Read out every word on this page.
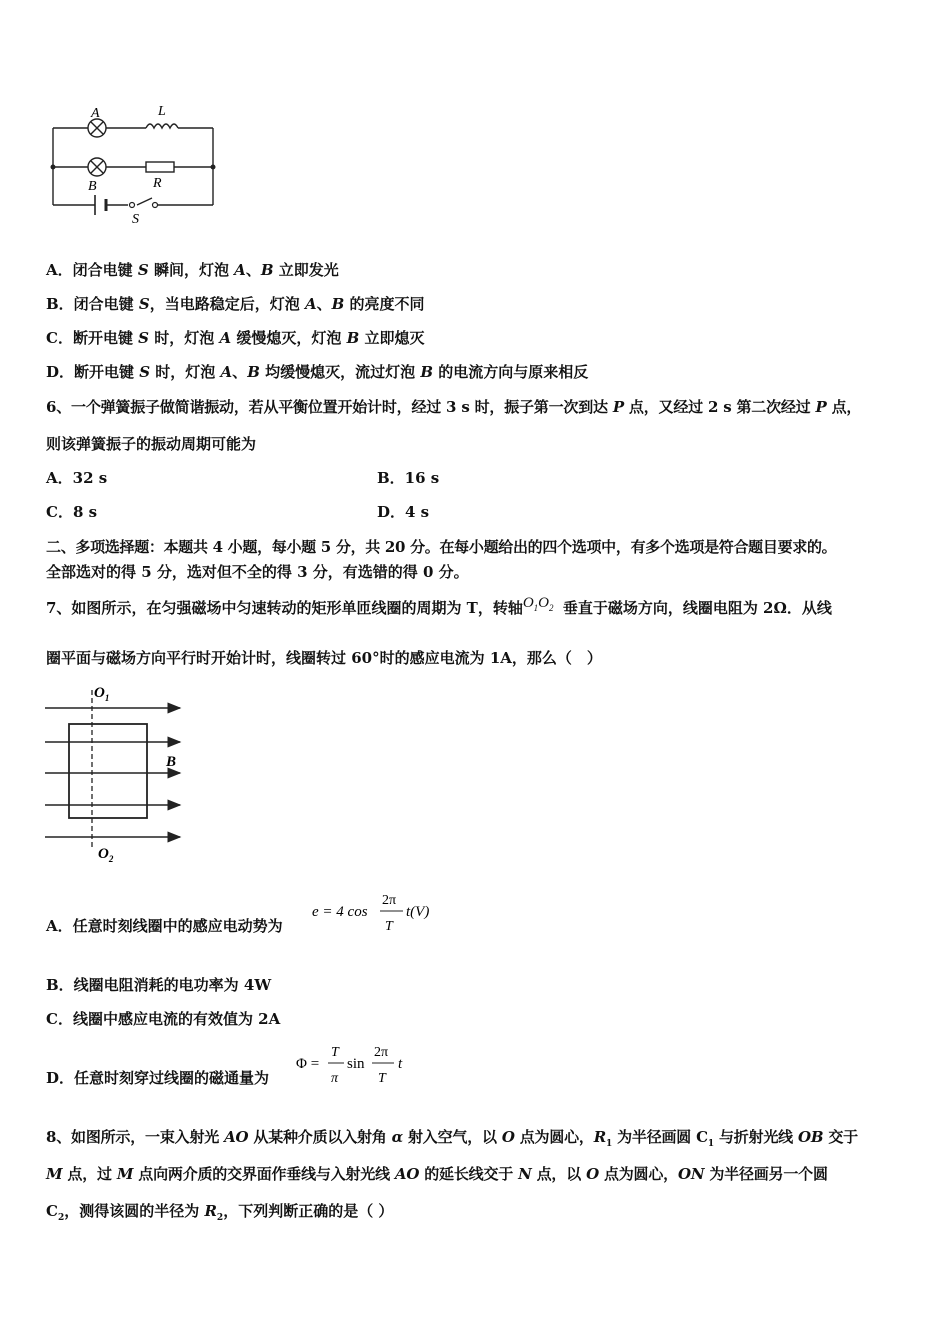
A	L
B	R
S
A．闭合电键 S 瞬间，灯泡 A、B 立即发光
B．闭合电键 S，当电路稳定后，灯泡 A、B 的亮度不同
C．断开电键 S 时，灯泡 A 缓慢熄灭，灯泡 B 立即熄灭
D．断开电键 S 时，灯泡 A、B 均缓慢熄灭，流过灯泡 B 的电流方向与原来相反
6、一个弹簧振子做简谐振动，若从平衡位置开始计时，经过 3 s 时，振子第一次到达 P 点，又经过 2 s 第二次经过 P 点，
则该弹簧振子的振动周期可能为
A．32 s	B．16 s
C．8 s	D．4 s
二、多项选择题：本题共 4 小题，每小题 5 分，共 20 分。在每小题给出的四个选项中，有多个选项是符合题目要求的。
全部选对的得 5 分，选对但不全的得 3 分，有选错的得 0 分。
7、如图所示，在匀强磁场中匀速转动的矩形单匝线圈的周期为 T，转轴$O_1O_2$ 垂直于磁场方向，线圈电阻为 2Ω．从线
圈平面与磁场方向平行时开始计时，线圈转过 60°时的感应电流为 1A，那么（　）
$O_1$
$O_2$
B
A．任意时刻线圈中的感应电动势为
e = 4 cos
2π
T
t(V)
B．线圈电阻消耗的电功率为 4W
C．线圈中感应电流的有效值为 2A
D．任意时刻穿过线圈的磁通量为
Φ =
T
π
sin
2π
T
t
8、如图所示，一束入射光 AO 从某种介质以入射角 α 射入空气，以 O 点为圆心，$R_1$ 为半径画圆 $C_1$ 与折射光线 OB 交于
M 点，过 M 点向两介质的交界面作垂线与入射光线 AO 的延长线交于 N 点，以 O 点为圆心，ON 为半径画另一个圆
$C_2$，测得该圆的半径为 $R_2$，下列判断正确的是（ ）
